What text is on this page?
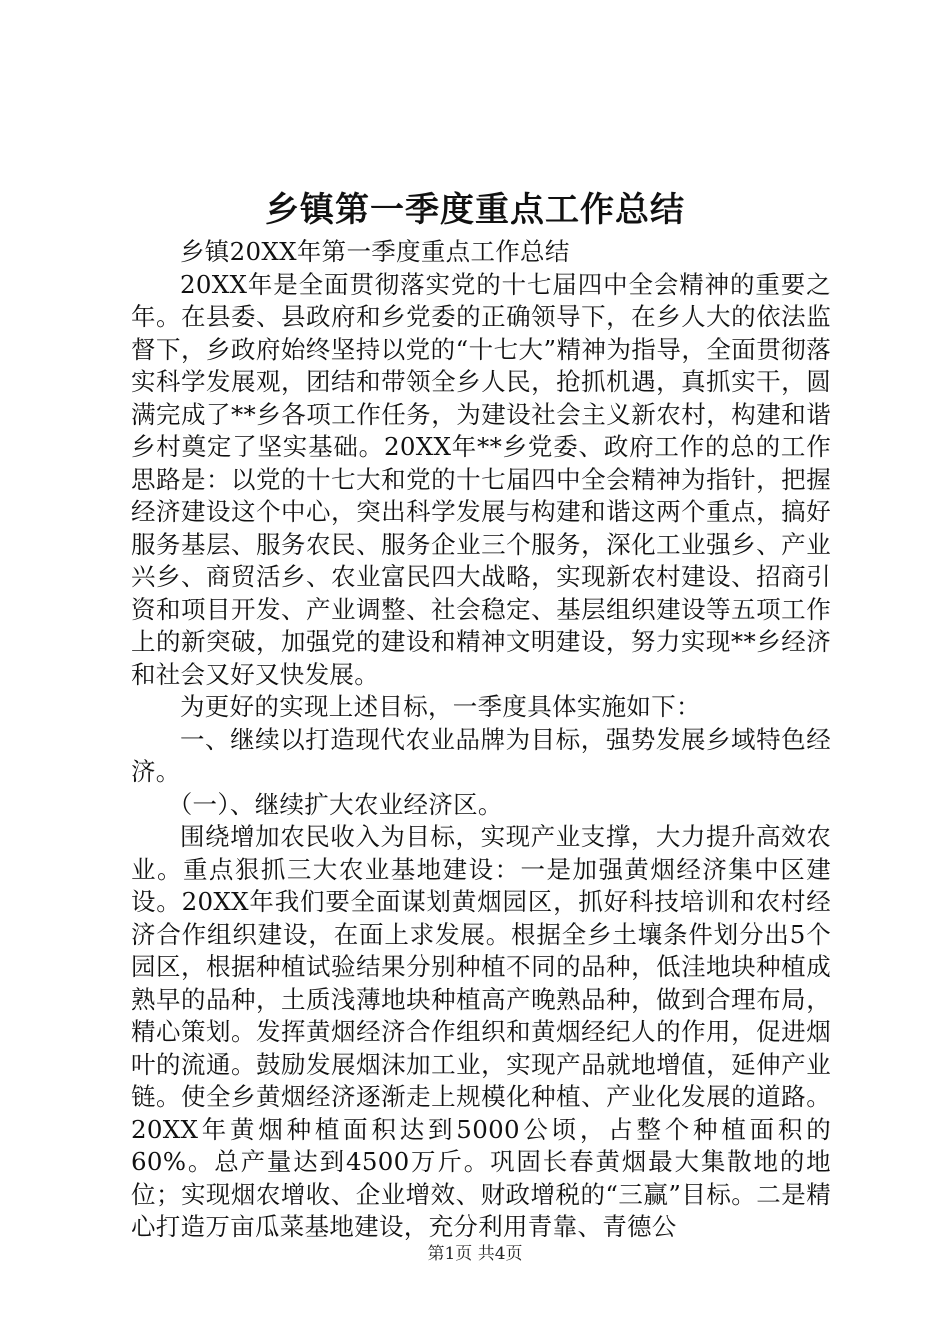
乡镇第一季度重点工作总结

乡镇20XX年第一季度重点工作总结

20XX年是全面贯彻落实党的十七届四中全会精神的重要之年。在县委、县政府和乡党委的正确领导下，在乡人大的依法监督下，乡政府始终坚持以党的“十七大”精神为指导，全面贯彻落实科学发展观，团结和带领全乡人民，抢抓机遇，真抓实干，圆满完成了**乡各项工作任务，为建设社会主义新农村，构建和谐乡村奠定了坚实基础。20XX年**乡党委、政府工作的总的工作思路是：以党的十七大和党的十七届四中全会精神为指针，把握经济建设这个中心，突出科学发展与构建和谐这两个重点，搞好服务基层、服务农民、服务企业三个服务，深化工业强乡、产业兴乡、商贸活乡、农业富民四大战略，实现新农村建设、招商引资和项目开发、产业调整、社会稳定、基层组织建设等五项工作上的新突破，加强党的建设和精神文明建设，努力实现**乡经济和社会又好又快发展。

为更好的实现上述目标，一季度具体实施如下：

一、继续以打造现代农业品牌为目标，强势发展乡域特色经济。

（一）、继续扩大农业经济区。

围绕增加农民收入为目标，实现产业支撑，大力提升高效农业。重点狠抓三大农业基地建设：一是加强黄烟经济集中区建设。20XX年我们要全面谋划黄烟园区，抓好科技培训和农村经济合作组织建设，在面上求发展。根据全乡土壤条件划分出5个园区，根据种植试验结果分别种植不同的品种，低洼地块种植成熟早的品种，土质浅薄地块种植高产晚熟品种，做到合理布局，精心策划。发挥黄烟经济合作组织和黄烟经纪人的作用，促进烟叶的流通。鼓励发展烟沫加工业，实现产品就地增值，延伸产业链。使全乡黄烟经济逐渐走上规模化种植、产业化发展的道路。20XX年黄烟种植面积达到5000公顷，占整个种植面积的60%。总产量达到4500万斤。巩固长春黄烟最大集散地的地位；实现烟农增收、企业增效、财政增税的“三赢”目标。二是精心打造万亩瓜菜基地建设，充分利用青靠、青德公

第1页 共4页
